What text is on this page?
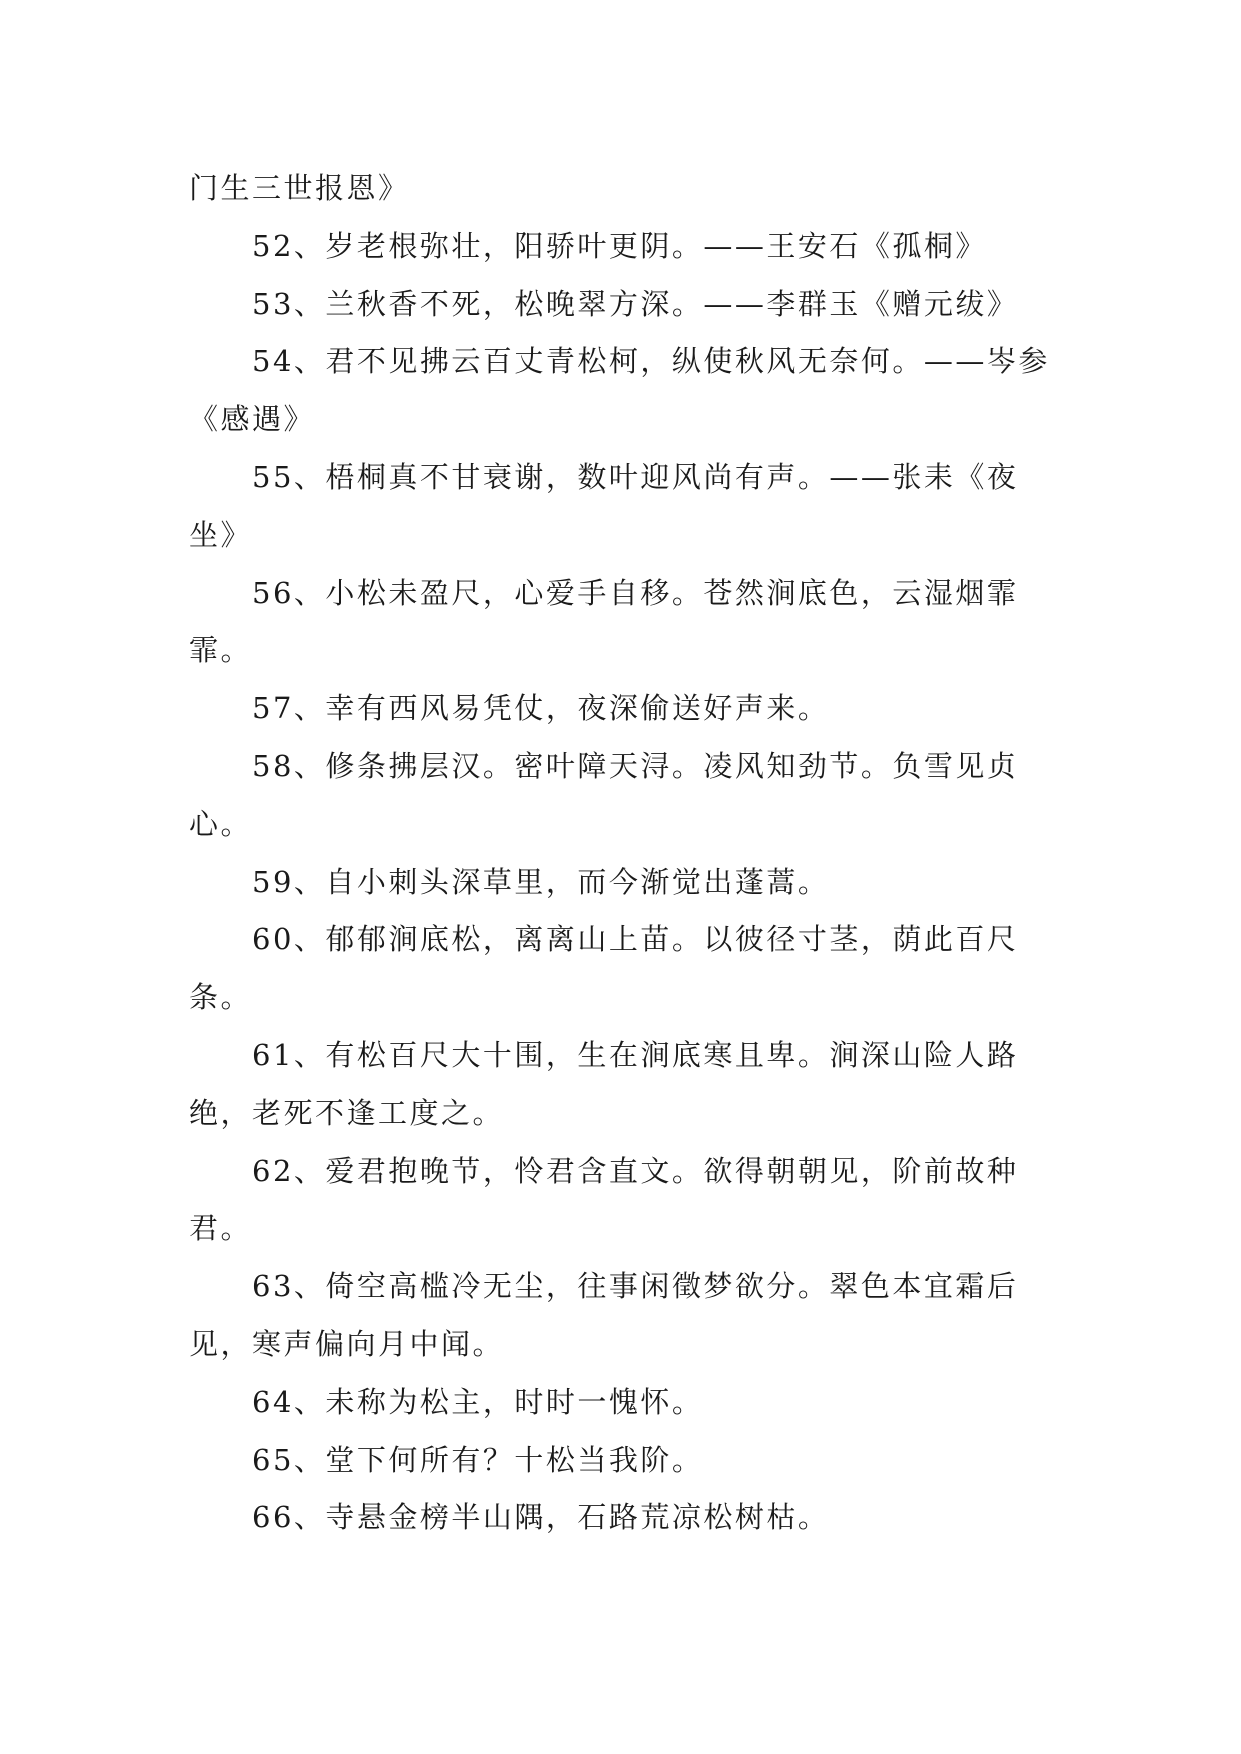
门生三世报恩》

52、岁老根弥壮，阳骄叶更阴。——王安石《孤桐》

53、兰秋香不死，松晚翠方深。——李群玉《赠元绂》

54、君不见拂云百丈青松柯，纵使秋风无奈何。——岑参《感遇》

55、梧桐真不甘衰谢，数叶迎风尚有声。——张耒《夜坐》

56、小松未盈尺，心爱手自移。苍然涧底色，云湿烟霏霏。

57、幸有西风易凭仗，夜深偷送好声来。

58、修条拂层汉。密叶障天浔。凌风知劲节。负雪见贞心。

59、自小刺头深草里，而今渐觉出蓬蒿。

60、郁郁涧底松，离离山上苗。以彼径寸茎，荫此百尺条。

61、有松百尺大十围，生在涧底寒且卑。涧深山险人路绝，老死不逢工度之。

62、爱君抱晚节，怜君含直文。欲得朝朝见，阶前故种君。

63、倚空高槛冷无尘，往事闲徵梦欲分。翠色本宜霜后见，寒声偏向月中闻。

64、未称为松主，时时一愧怀。

65、堂下何所有？十松当我阶。

66、寺悬金榜半山隅，石路荒凉松树枯。
